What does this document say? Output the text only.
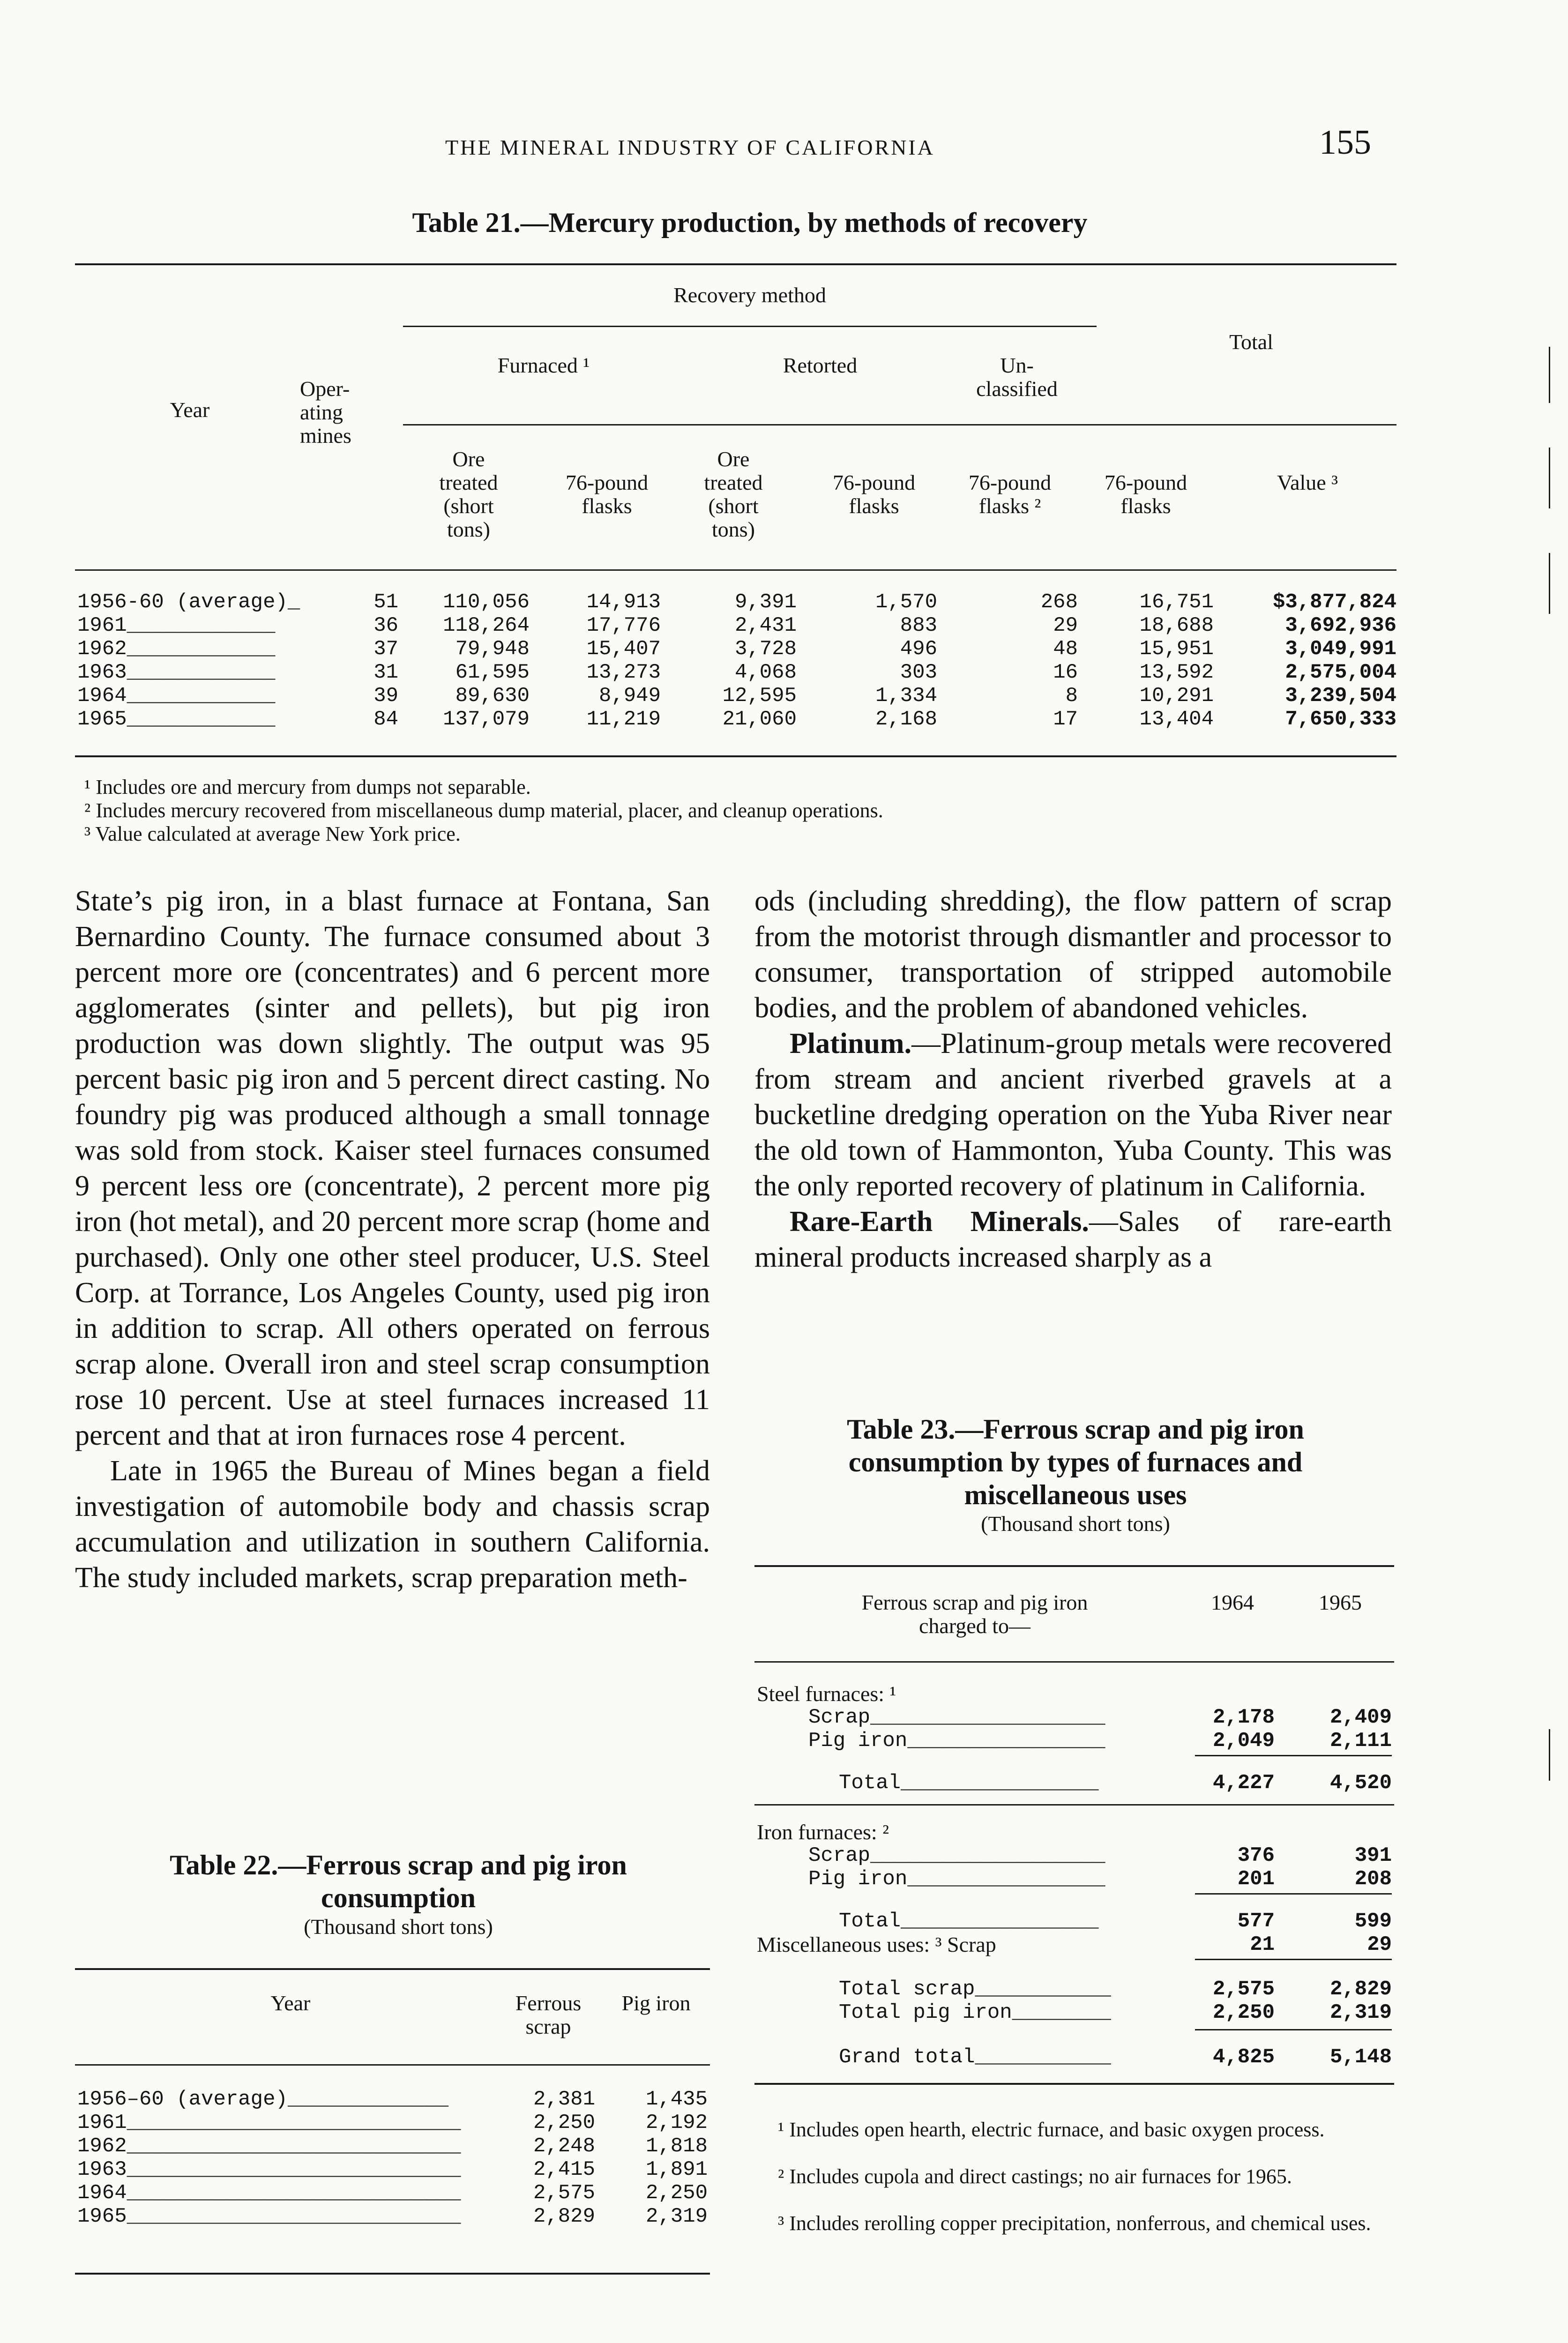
THE MINERAL INDUSTRY OF CALIFORNIA	155
Table 21.—Mercury production, by methods of recovery
Recovery method
Furnaced ¹	Retorted	Un-
classified
Total
Year
Oper-
ating
mines
Ore
treated
(short
tons)
76-pound
flasks
Ore
treated
(short
tons)
76-pound
flasks
76-pound
flasks ²
76-pound
flasks
Value ³
1956-60 (average)_	51	110,056	14,913	9,391	1,570	268	16,751	$3,877,824
1961____________	36	118,264	17,776	2,431	883	29	18,688	3,692,936
1962____________	37	79,948	15,407	3,728	496	48	15,951	3,049,991
1963____________	31	61,595	13,273	4,068	303	16	13,592	2,575,004
1964____________	39	89,630	8,949	12,595	1,334	8	10,291	3,239,504
1965____________	84	137,079	11,219	21,060	2,168	17	13,404	7,650,333
¹ Includes ore and mercury from dumps not separable.
² Includes mercury recovered from miscellaneous dump material, placer, and cleanup operations.
³ Value calculated at average New York price.

State’s pig iron, in a blast furnace at Fontana, San Bernardino County. The furnace consumed about 3 percent more ore (concentrates) and 6 percent more agglomerates (sinter and pellets), but pig iron production was down slightly. The output was 95 percent basic pig iron and 5 percent direct casting. No foundry pig was produced although a small tonnage was sold from stock. Kaiser steel furnaces consumed 9 percent less ore (concentrate), 2 percent more pig iron (hot metal), and 20 percent more scrap (home and purchased). Only one other steel producer, U.S. Steel Corp. at Torrance, Los Angeles County, used pig iron in addition to scrap. All others operated on ferrous scrap alone. Overall iron and steel scrap consumption rose 10 percent. Use at steel furnaces increased 11 percent and that at iron furnaces rose 4 percent.

Late in 1965 the Bureau of Mines began a field investigation of automobile body and chassis scrap accumulation and utilization in southern California. The study included markets, scrap preparation meth-

ods (including shredding), the flow pattern of scrap from the motorist through dismantler and processor to consumer, transportation of stripped automobile bodies, and the problem of abandoned vehicles.

Platinum.—Platinum-group metals were recovered from stream and ancient riverbed gravels at a bucketline dredging operation on the Yuba River near the old town of Hammonton, Yuba County. This was the only reported recovery of platinum in California.

Rare-Earth Minerals.—Sales of rare-earth mineral products increased sharply as a

Table 22.—Ferrous scrap and pig iron consumption
(Thousand short tons)
Year	Ferrous
scrap
Pig iron
1956–60 (average)_____________	2,381	1,435
1961___________________________	2,250	2,192
1962___________________________	2,248	1,818
1963___________________________	2,415	1,891
1964___________________________	2,575	2,250
1965___________________________	2,829	2,319
Table 23.—Ferrous scrap and pig iron consumption by types of furnaces and miscellaneous uses
(Thousand short tons)
Ferrous scrap and pig iron
charged to—
1964	1965
Steel furnaces: ¹
Scrap___________________	2,178	2,409
Pig iron________________	2,049	2,111
Total________________	4,227	4,520
Iron furnaces: ²
Scrap___________________	376	391
Pig iron________________	201	208
Total________________	577	599
Miscellaneous uses: ³ Scrap	21	29
Total scrap___________	2,575	2,829
Total pig iron________	2,250	2,319
Grand total___________	4,825	5,148
¹ Includes open hearth, electric furnace, and basic oxygen process.
² Includes cupola and direct castings; no air furnaces for 1965.
³ Includes rerolling copper precipitation, nonferrous, and chemical uses.
